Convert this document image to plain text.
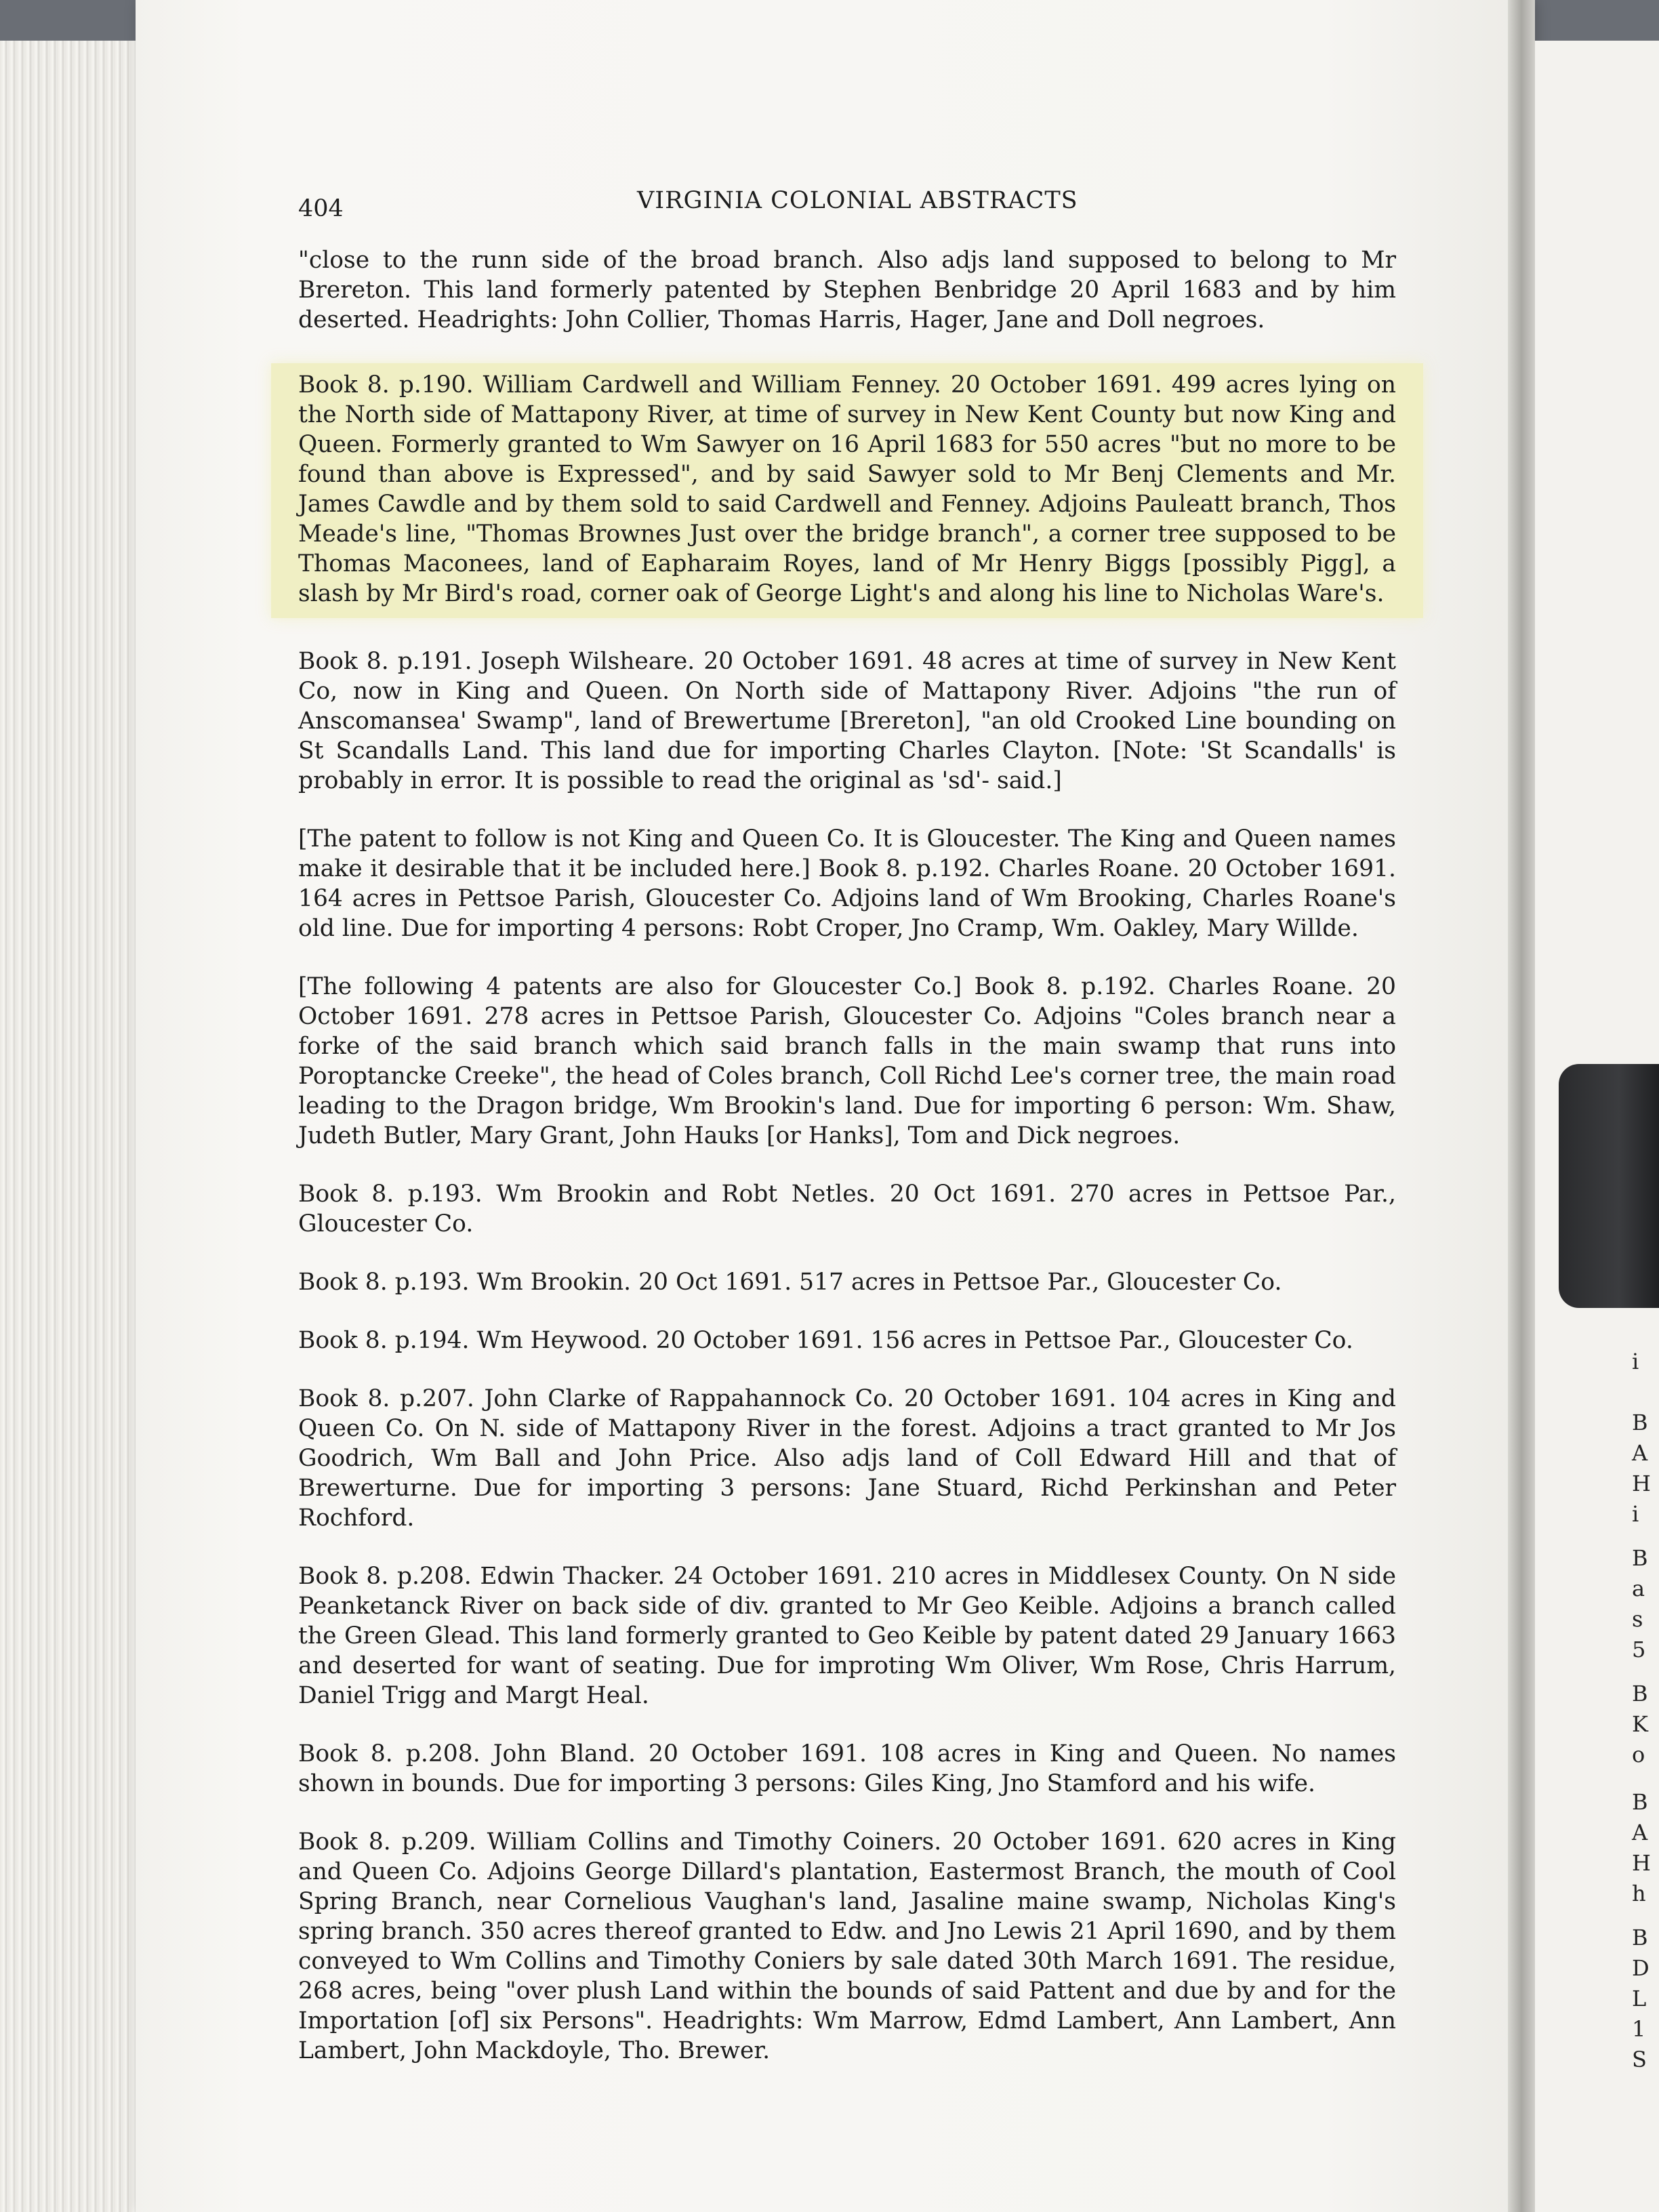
i
B
A
H
i
B
a
s
5
B
K
o
B
A
H
h
B
D
L
1
S
404	VIRGINIA COLONIAL ABSTRACTS

"close to the runn side of the broad branch. Also adjs land supposed to belong to Mr Brereton. This land formerly patented by Stephen Benbridge 20 April 1683 and by him deserted. Headrights: John Collier, Thomas Harris, Hager, Jane and Doll negroes.

Book 8. p.190. William Cardwell and William Fenney. 20 October 1691. 499 acres lying on the North side of Mattapony River, at time of survey in New Kent County but now King and Queen. Formerly granted to Wm Sawyer on 16 April 1683 for 550 acres "but no more to be found than above is Expressed", and by said Sawyer sold to Mr Benj Clements and Mr. James Cawdle and by them sold to said Cardwell and Fenney. Adjoins Pauleatt branch, Thos Meade's line, "Thomas Brownes Just over the bridge branch", a corner tree supposed to be Thomas Maconees, land of Eapharaim Royes, land of Mr Henry Biggs [possibly Pigg], a slash by Mr Bird's road, corner oak of George Light's and along his line to Nicholas Ware's.

Book 8. p.191. Joseph Wilsheare. 20 October 1691. 48 acres at time of survey in New Kent Co, now in King and Queen. On North side of Mattapony River. Adjoins "the run of Anscomansea' Swamp", land of Brewertume [Brereton], "an old Crooked Line bounding on St Scandalls Land. This land due for importing Charles Clayton. [Note: 'St Scandalls' is probably in error. It is possible to read the original as 'sd'- said.]

[The patent to follow is not King and Queen Co. It is Gloucester. The King and Queen names make it desirable that it be included here.] Book 8. p.192. Charles Roane. 20 October 1691. 164 acres in Pettsoe Parish, Gloucester Co. Adjoins land of Wm Brooking, Charles Roane's old line. Due for importing 4 persons: Robt Croper, Jno Cramp, Wm. Oakley, Mary Willde.

[The following 4 patents are also for Gloucester Co.] Book 8. p.192. Charles Roane. 20 October 1691. 278 acres in Pettsoe Parish, Gloucester Co. Adjoins "Coles branch near a forke of the said branch which said branch falls in the main swamp that runs into Poroptancke Creeke", the head of Coles branch, Coll Richd Lee's corner tree, the main road leading to the Dragon bridge, Wm Brookin's land. Due for importing 6 person: Wm. Shaw, Judeth Butler, Mary Grant, John Hauks [or Hanks], Tom and Dick negroes.

Book 8. p.193. Wm Brookin and Robt Netles. 20 Oct 1691. 270 acres in Pettsoe Par., Gloucester Co.

Book 8. p.193. Wm Brookin. 20 Oct 1691. 517 acres in Pettsoe Par., Gloucester Co.

Book 8. p.194. Wm Heywood. 20 October 1691. 156 acres in Pettsoe Par., Gloucester Co.

Book 8. p.207. John Clarke of Rappahannock Co. 20 October 1691. 104 acres in King and Queen Co. On N. side of Mattapony River in the forest. Adjoins a tract granted to Mr Jos Goodrich, Wm Ball and John Price. Also adjs land of Coll Edward Hill and that of Brewerturne. Due for importing 3 persons: Jane Stuard, Richd Perkinshan and Peter Rochford.

Book 8. p.208. Edwin Thacker. 24 October 1691. 210 acres in Middlesex County. On N side Peanketanck River on back side of div. granted to Mr Geo Keible. Adjoins a branch called the Green Glead. This land formerly granted to Geo Keible by patent dated 29 January 1663 and deserted for want of seating. Due for improting Wm Oliver, Wm Rose, Chris Harrum, Daniel Trigg and Margt Heal.

Book 8. p.208. John Bland. 20 October 1691. 108 acres in King and Queen. No names shown in bounds. Due for importing 3 persons: Giles King, Jno Stamford and his wife.

Book 8. p.209. William Collins and Timothy Coiners. 20 October 1691. 620 acres in King and Queen Co. Adjoins George Dillard's plantation, Eastermost Branch, the mouth of Cool Spring Branch, near Cornelious Vaughan's land, Jasaline maine swamp, Nicholas King's spring branch. 350 acres thereof granted to Edw. and Jno Lewis 21 April 1690, and by them conveyed to Wm Collins and Timothy Coniers by sale dated 30th March 1691. The residue, 268 acres, being "over plush Land within the bounds of said Pattent and due by and for the Importation [of] six Persons". Headrights: Wm Marrow, Edmd Lambert, Ann Lambert, Ann Lambert, John Mackdoyle, Tho. Brewer.
